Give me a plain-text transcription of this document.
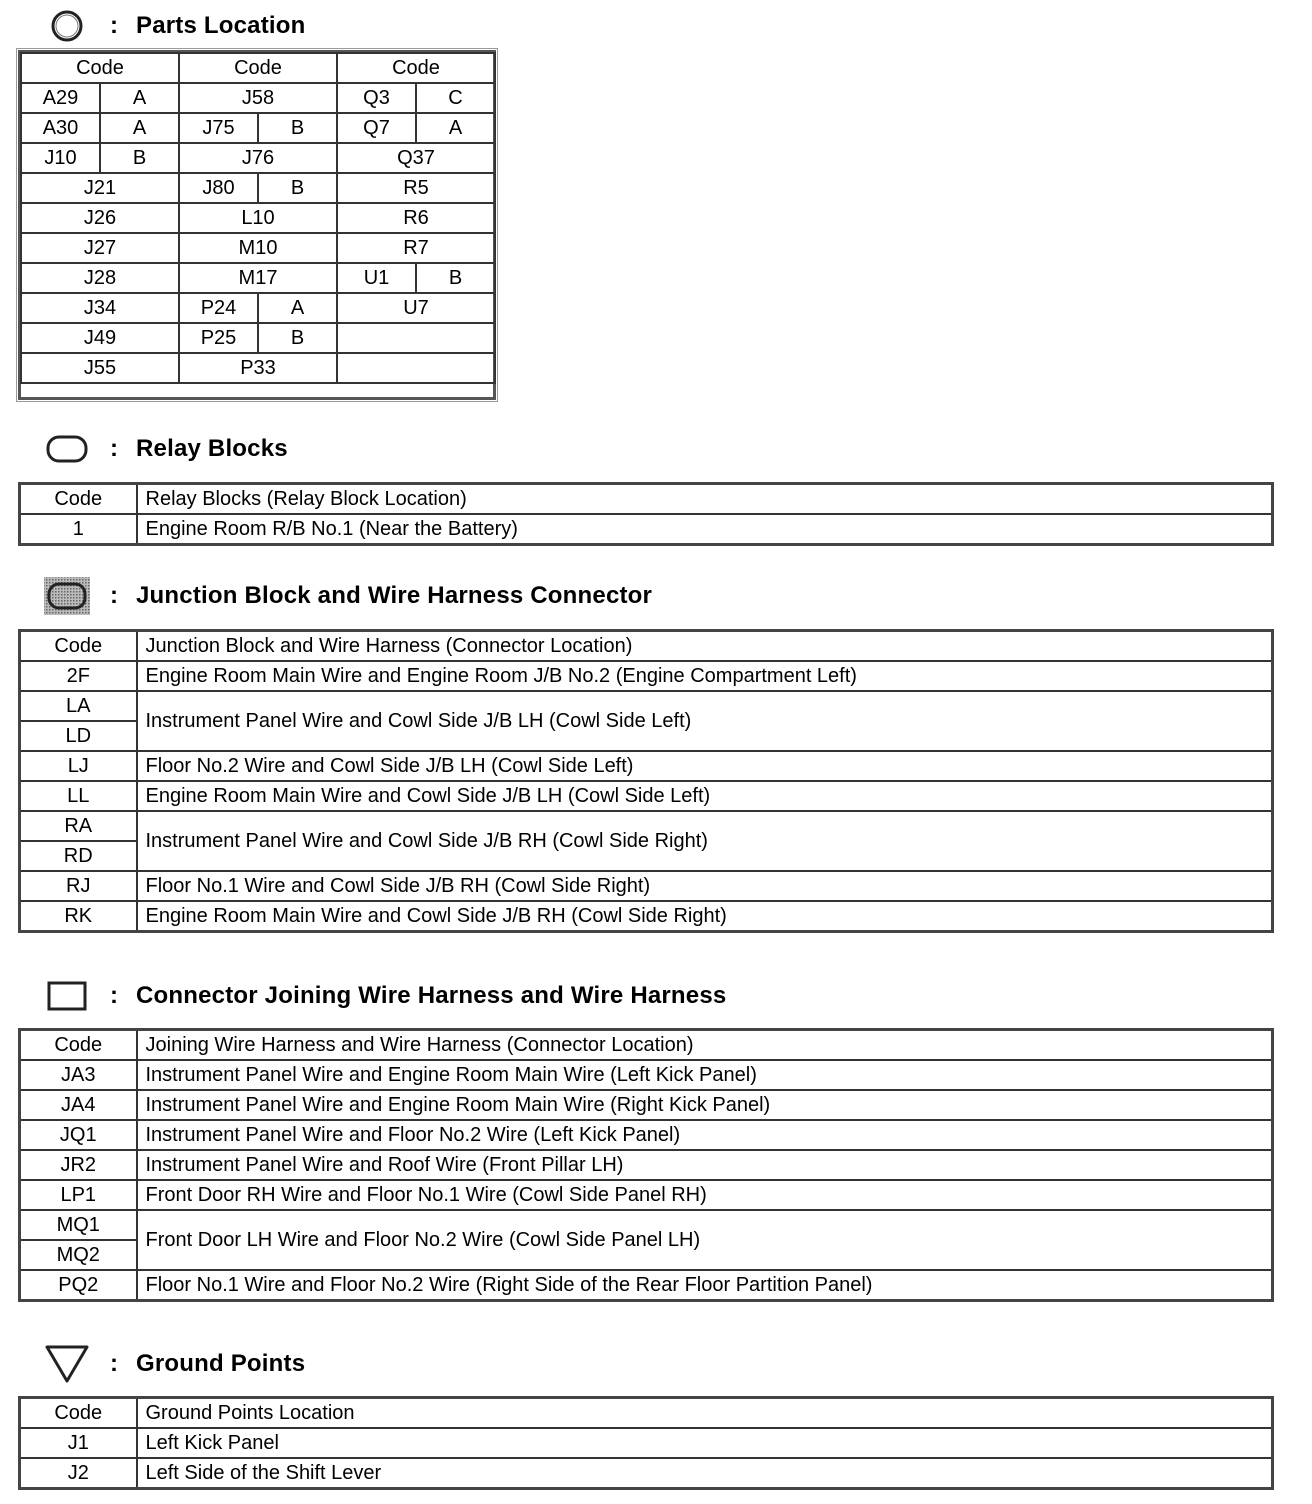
: Parts Location
Code		Code		Code	
A29	A	J58		Q3	C
A30	A	J75	B	Q7	A
J10	B	J76		Q37	
J21		J80	B	R5	
J26		L10		R6	
J27		M10		R7	
J28		M17		U1	B
J34		P24	A	U7	
J49		P25	B		
J55		P33			
: Relay Blocks
Code	Relay Blocks (Relay Block Location)
1	Engine Room R/B No.1 (Near the Battery)
: Junction Block and Wire Harness Connector
Code	Junction Block and Wire Harness (Connector Location)
2F	Engine Room Main Wire and Engine Room J/B No.2 (Engine Compartment Left)
LA	Instrument Panel Wire and Cowl Side J/B LH (Cowl Side Left)
LD	
LJ	Floor No.2 Wire and Cowl Side J/B LH (Cowl Side Left)
LL	Engine Room Main Wire and Cowl Side J/B LH (Cowl Side Left)
RA	Instrument Panel Wire and Cowl Side J/B RH (Cowl Side Right)
RD	
RJ	Floor No.1 Wire and Cowl Side J/B RH (Cowl Side Right)
RK	Engine Room Main Wire and Cowl Side J/B RH (Cowl Side Right)
: Connector Joining Wire Harness and Wire Harness
Code	Joining Wire Harness and Wire Harness (Connector Location)
JA3	Instrument Panel Wire and Engine Room Main Wire (Left Kick Panel)
JA4	Instrument Panel Wire and Engine Room Main Wire (Right Kick Panel)
JQ1	Instrument Panel Wire and Floor No.2 Wire (Left Kick Panel)
JR2	Instrument Panel Wire and Roof Wire (Front Pillar LH)
LP1	Front Door RH Wire and Floor No.1 Wire (Cowl Side Panel RH)
MQ1	Front Door LH Wire and Floor No.2 Wire (Cowl Side Panel LH)
MQ2	
PQ2	Floor No.1 Wire and Floor No.2 Wire (Right Side of the Rear Floor Partition Panel)
: Ground Points
Code	Ground Points Location
J1	Left Kick Panel
J2	Left Side of the Shift Lever
